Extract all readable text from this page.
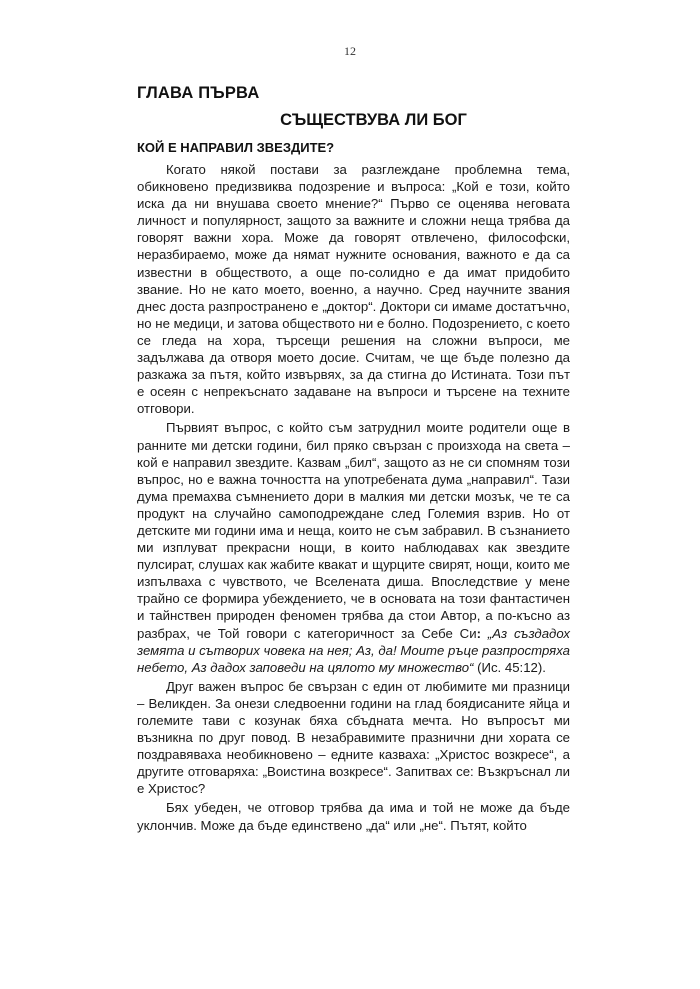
12
ГЛАВА ПЪРВА
СЪЩЕСТВУВА ЛИ БОГ
КОЙ Е НАПРАВИЛ ЗВЕЗДИТЕ?

Когато някой постави за разглеждане проблемна тема, обикновено предизвиква подозрение и въпроса: „Кой е този, който иска да ни внушава своето мнение?“ Първо се оценява неговата личност и популярност, защото за важните и сложни неща трябва да говорят важни хора. Може да говорят отвлечено, философски, неразбираемо, може да нямат нужните основания, важното е да са известни в обществото, а още по-солидно е да имат придобито звание. Но не като моето, военно, а научно. Сред научните звания днес доста разпространено е „доктор“. Доктори си имаме достатъчно, но не медици, и затова обществото ни е болно. Подозрението, с което се гледа на хора, търсещи решения на сложни въпроси, ме задължава да отворя моето досие. Считам, че ще бъде полезно да разкажа за пътя, който извървях, за да стигна до Истината. Този път е осеян с непрекъснато задаване на въпроси и търсене на техните отговори.

Първият въпрос, с който съм затруднил моите родители още в ранните ми детски години, бил пряко свързан с произхода на света – кой е направил звездите. Казвам „бил“, защото аз не си спомням този въпрос, но е важна точността на употребената дума „направил“. Тази дума премахва съмнението дори в малкия ми детски мозък, че те са продукт на случайно самоподреждане след Големия взрив. Но от детските ми години има и неща, които не съм забравил. В съзнанието ми изплуват прекрасни нощи, в които наблюдавах как звездите пулсират, слушах как жабите квакат и щурците свирят, нощи, които ме изпълваха с чувството, че Вселената диша. Впоследствие у мене трайно се формира убеждението, че в основата на този фантастичен и тайнствен природен феномен трябва да стои Автор, а по-късно аз разбрах, че Той говори с категоричност за Себе Си: „Аз създадох земята и сътворих човека на нея; Аз, да! Моите ръце разпростряха небето, Аз дадох заповеди на цялото му множество“ (Ис. 45:12).

Друг важен въпрос бе свързан с един от любимите ми празници – Великден. За онези следвоенни години на глад боядисаните яйца и големите тави с козунак бяха сбъдната мечта. Но въпросът ми възникна по друг повод. В незабравимите празнични дни хората се поздравяваха необикновено – едните казваха: „Христос возкресе“, а другите отговаряха: „Воистина возкресе“. Запитвах се: Възкръснал ли е Христос?

Бях убеден, че отговор трябва да има и той не може да бъде уклончив. Може да бъде единствено „да“ или „не“. Пътят, който
